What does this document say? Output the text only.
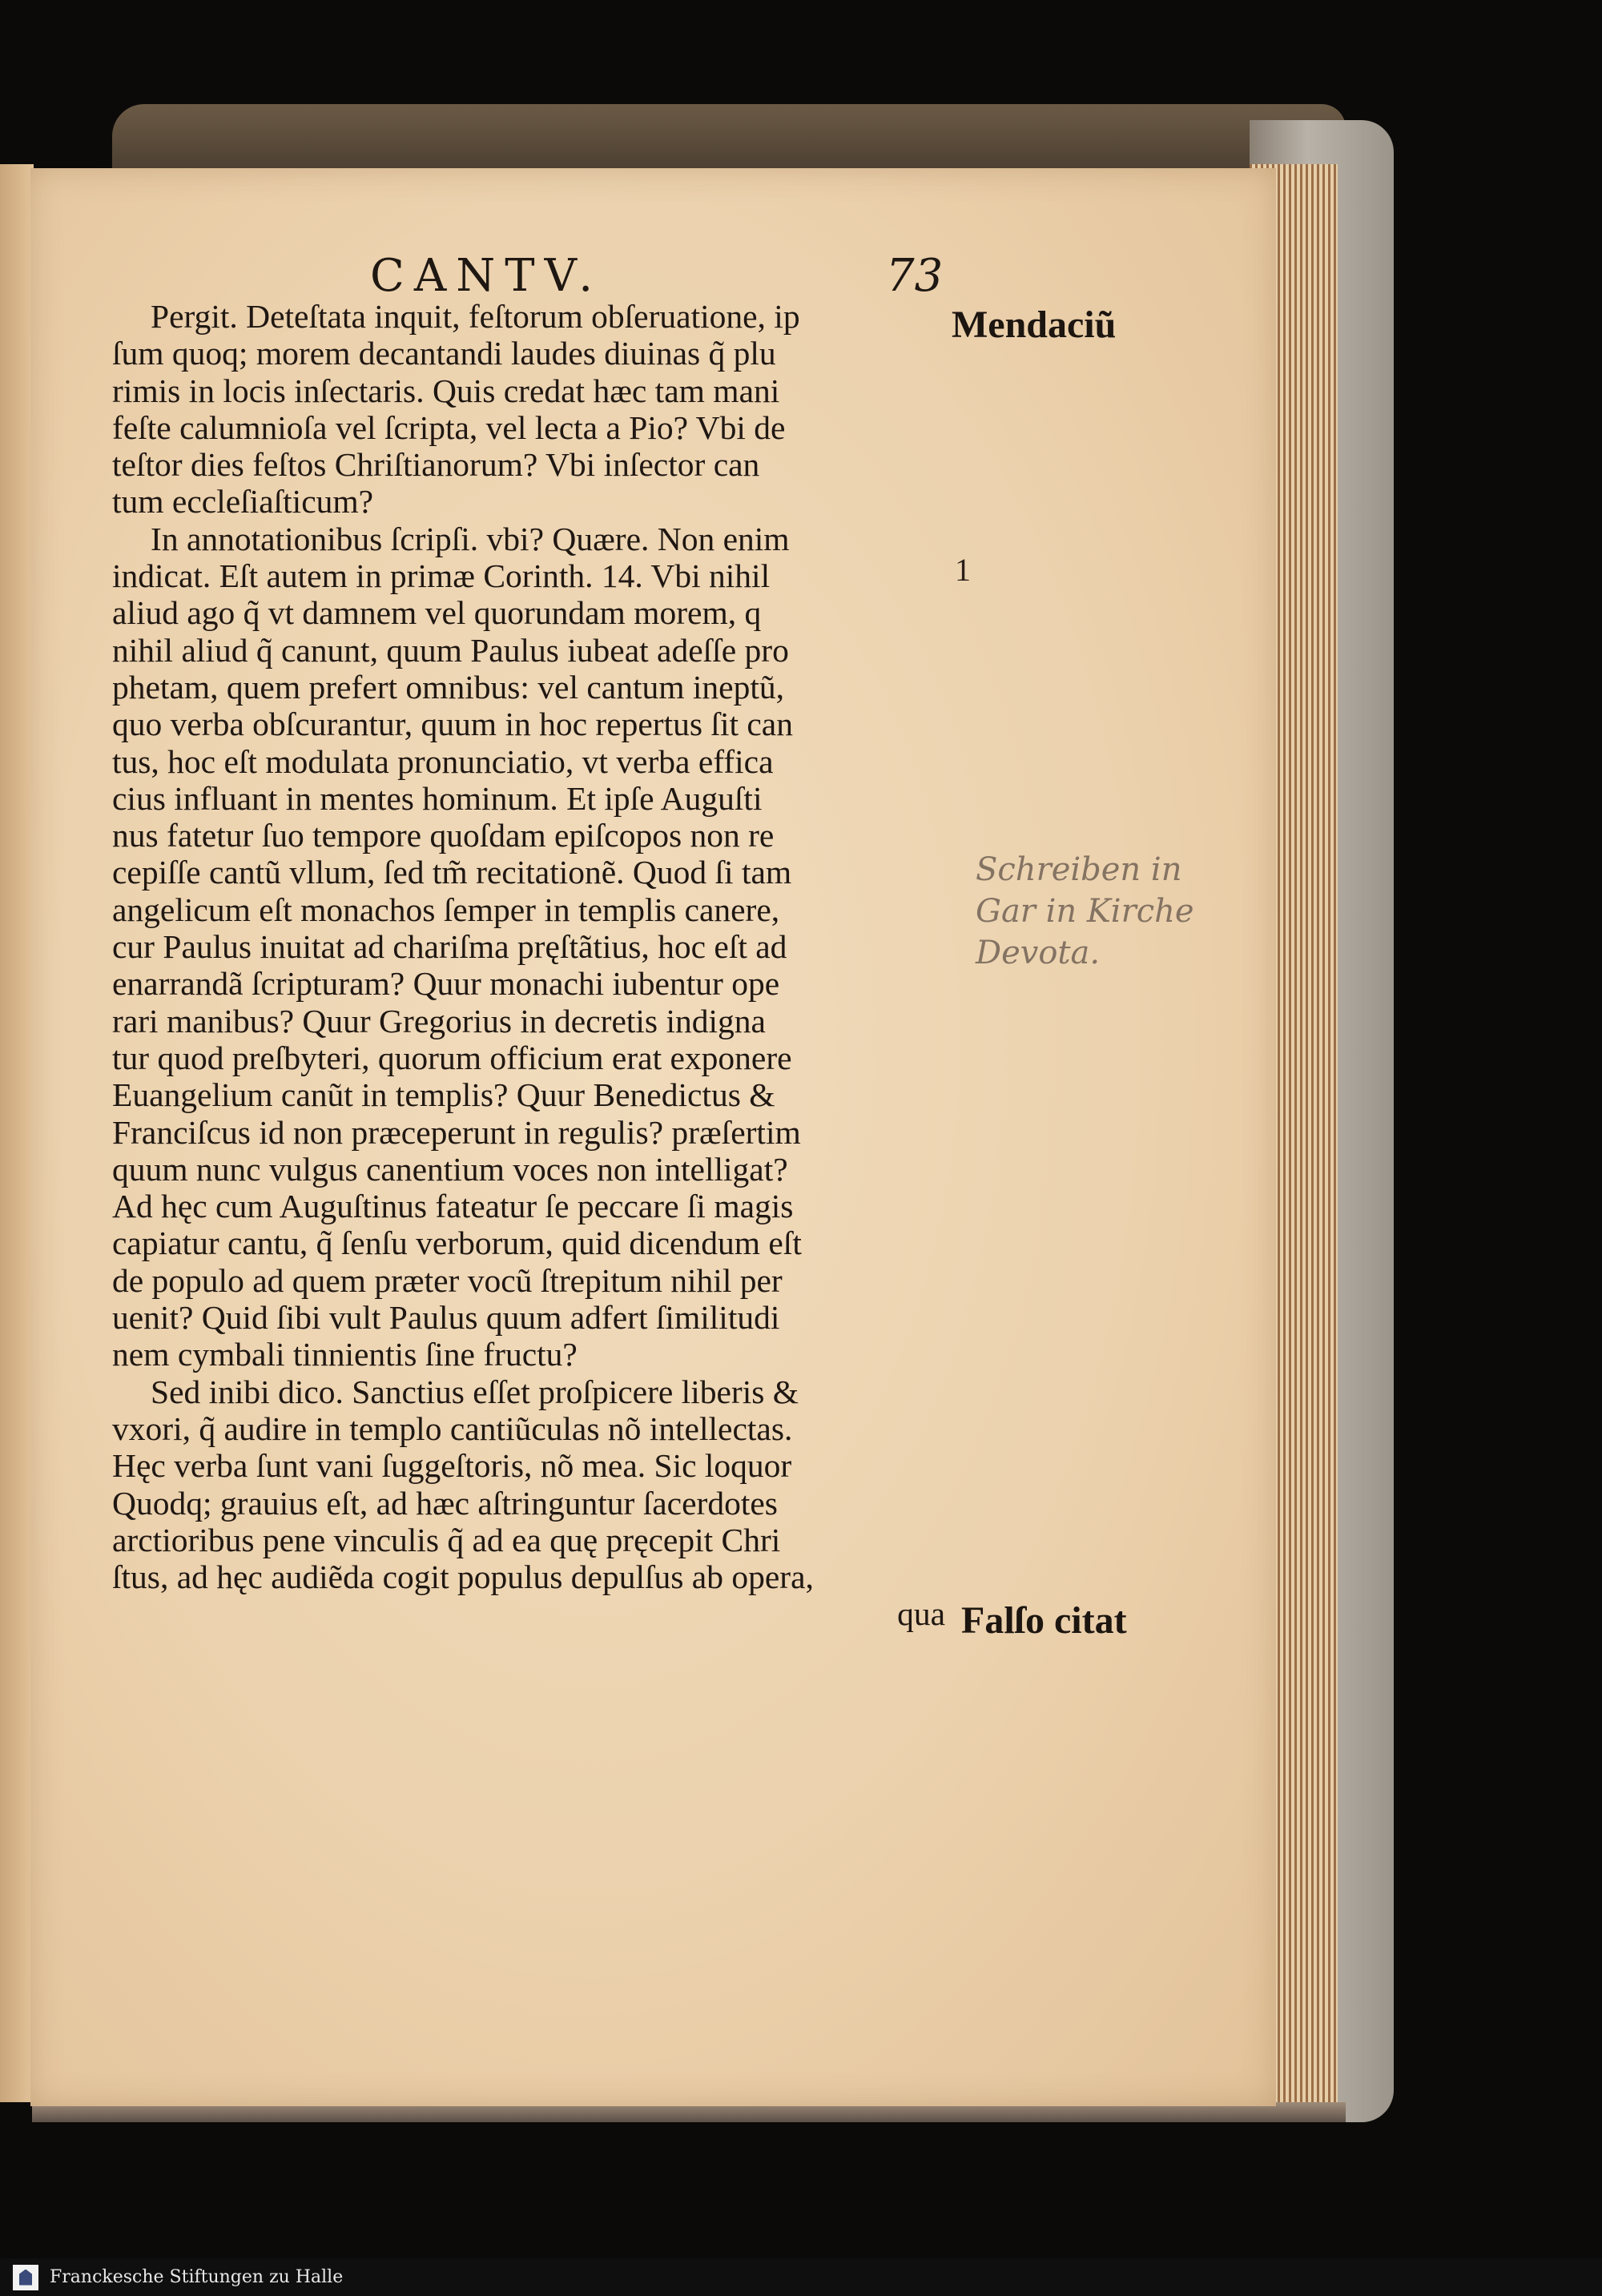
CANTV.	73
Pergit. Deteſtata inquit, feſtorum obſeruatione, ip
ſum quoq; morem decantandi laudes diuinas q̃ plu
rimis in locis inſectaris. Quis credat hæc tam mani
feſte calumnioſa vel ſcripta, vel lecta a Pio? Vbi de
teſtor dies feſtos Chriſtianorum? Vbi inſector can
tum eccleſiaſticum?
In annotationibus ſcripſi. vbi? Quære. Non enim
indicat. Eſt autem in primæ Corinth. 14. Vbi nihil
aliud ago q̃ vt damnem vel quorundam morem, q
nihil aliud q̃ canunt, quum Paulus iubeat adeſſe pro
phetam, quem prefert omnibus: vel cantum ineptũ,
quo verba obſcurantur, quum in hoc repertus ſit can
tus, hoc eſt modulata pronunciatio, vt verba effica
cius influant in mentes hominum. Et ipſe Auguſti
nus fatetur ſuo tempore quoſdam epiſcopos non re
cepiſſe cantũ vllum, ſed tm̃ recitationẽ. Quod ſi tam
angelicum eſt monachos ſemper in templis canere,
cur Paulus inuitat ad chariſma pręſtãtius, hoc eſt ad
enarrandã ſcripturam? Quur monachi iubentur ope
rari manibus? Quur Gregorius in decretis indigna
tur quod preſbyteri, quorum officium erat exponere
Euangelium canũt in templis? Quur Benedictus &
Franciſcus id non præceperunt in regulis? præſertim
quum nunc vulgus canentium voces non intelligat?
Ad hęc cum Auguſtinus fateatur ſe peccare ſi magis
capiatur cantu, q̃ ſenſu verborum, quid dicendum eſt
de populo ad quem præter vocũ ſtrepitum nihil per
uenit? Quid ſibi vult Paulus quum adfert ſimilitudi
nem cymbali tinnientis ſine fructu?
Sed inibi dico. Sanctius eſſet proſpicere liberis &
vxori, q̃ audire in templo cantiũculas nõ intellectas.
Hęc verba ſunt vani ſuggeſtoris, nõ mea. Sic loquor
Quodq; grauius eſt, ad hæc aſtringuntur ſacerdotes
arctioribus pene vinculis q̃ ad ea quę pręcepit Chri
ſtus, ad hęc audiẽda cogit populus depulſus ab opera,
qua
Mendaciũ
1
Falſo citat
Schreiben in
Gar in Kirche
Devota.
Franckesche Stiftungen zu Halle
